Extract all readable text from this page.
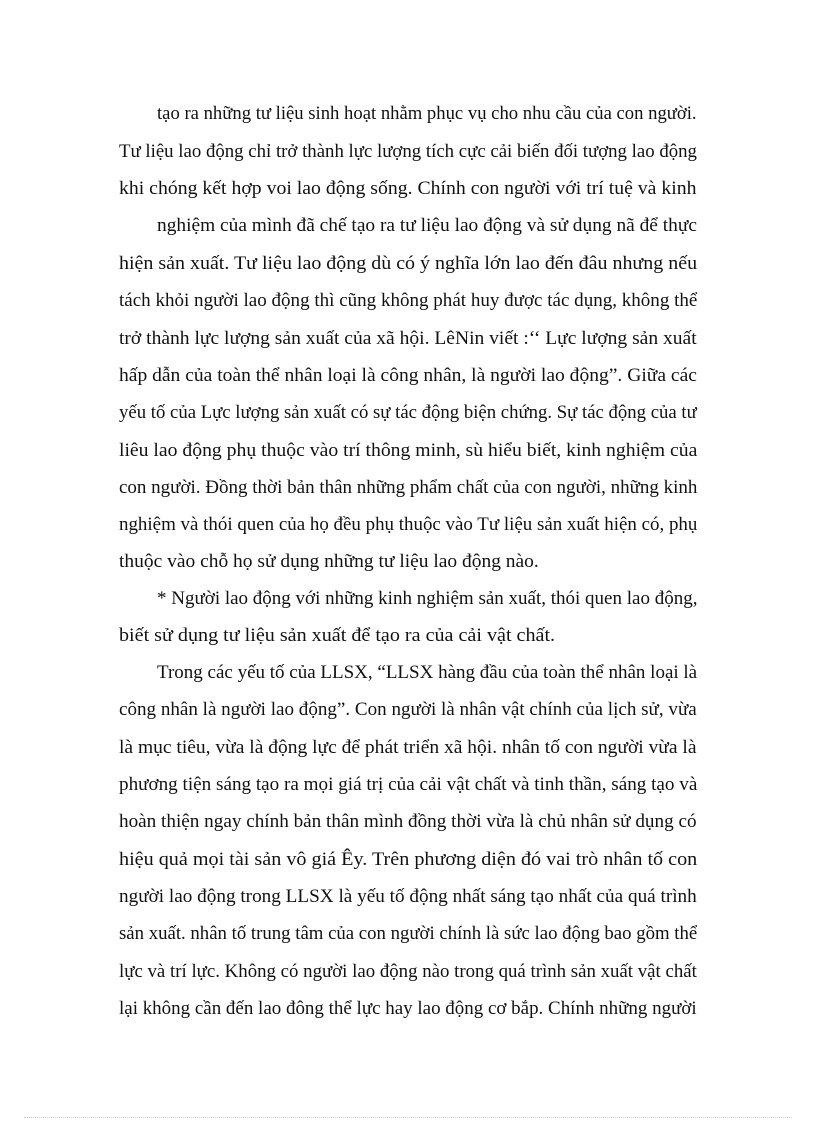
tạo ra những tư liệu sinh hoạt nhằm phục vụ cho nhu cầu của con người.
Tư liệu lao động chỉ trở thành lực lượng tích cực cải biến đối tượng lao động
khi chóng kết hợp voi lao động sống. Chính con người với trí tuệ và kinh
nghiệm của mình đã chế tạo ra tư liệu lao động và sử dụng nã để thực
hiện sản xuất. Tư liệu lao động dù có ý nghĩa lớn lao đến đâu nhưng nếu
tách khỏi người lao động thì cũng không phát huy được tác dụng, không thể
trở thành lực lượng sản xuất của xã hội. LêNin viết :‘‘ Lực lượng sản xuất
hấp dẫn của toàn thể nhân loại là công nhân, là người lao động”. Giữa các
yếu tố của Lực lượng sản xuất có sự tác động biện chứng. Sự tác động của tư
liêu lao động phụ thuộc vào trí thông minh, sù hiểu biết, kinh nghiệm của
con người. Đồng thời bản thân những phẩm chất của con người, những kinh
nghiệm và thói quen của họ đều phụ thuộc vào Tư liệu sản xuất hiện có, phụ
thuộc vào chỗ họ sử dụng những tư liệu lao động nào.
* Người lao động với những kinh nghiệm sản xuất, thói quen lao động,
biết sử dụng tư liệu sản xuất để tạo ra của cải vật chất.
Trong các yếu tố của LLSX, “LLSX hàng đầu của toàn thể nhân loại là
công nhân là người lao động”. Con người là nhân vật chính của lịch sử, vừa
là mục tiêu, vừa là động lực để phát triển xã hội. nhân tố con người vừa là
phương tiện sáng tạo ra mọi giá trị của cải vật chất và tinh thần, sáng tạo và
hoàn thiện ngay chính bản thân mình đồng thời vừa là chủ nhân sử dụng có
hiệu quả mọi tài sản vô giá Êy. Trên phương diện đó vai trò nhân tố con
người lao động trong LLSX là yếu tố động nhất sáng tạo nhất của quá trình
sản xuất. nhân tố trung tâm của con người chính là sức lao động bao gồm thể
lực và trí lực. Không có người lao động nào trong quá trình sản xuất vật chất
lại không cần đến lao đông thể lực hay lao động cơ bắp. Chính những người
